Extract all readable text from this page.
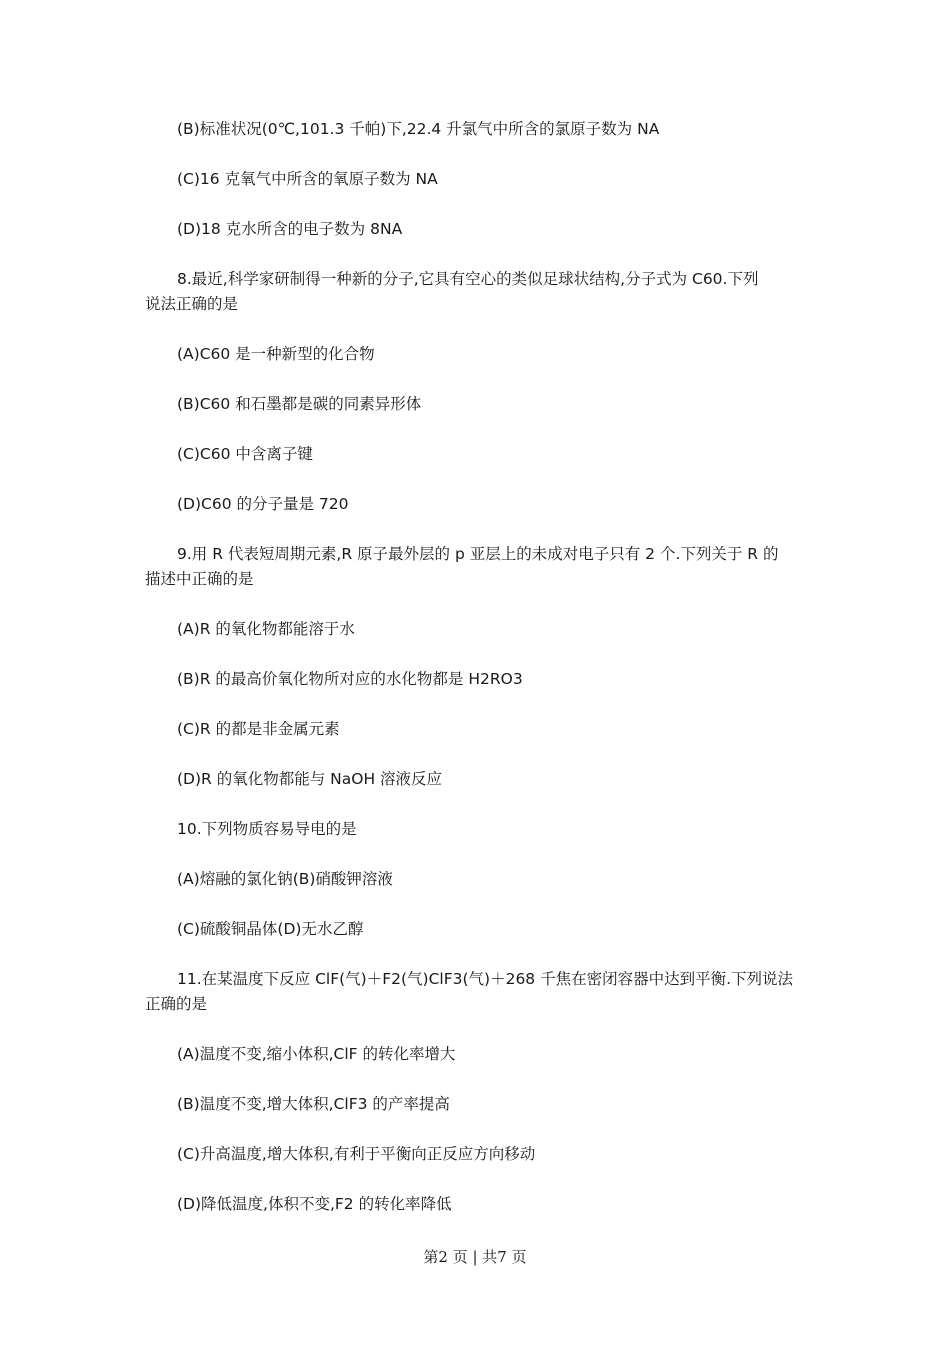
(B)标准状况(0℃,101.3 千帕)下,22.4 升氯气中所含的氯原子数为 NA
(C)16 克氧气中所含的氧原子数为 NA
(D)18 克水所含的电子数为 8NA
8.最近,科学家研制得一种新的分子,它具有空心的类似足球状结构,分子式为 C60.下列
说法正确的是
(A)C60 是一种新型的化合物
(B)C60 和石墨都是碳的同素异形体
(C)C60 中含离子键
(D)C60 的分子量是 720
9.用 R 代表短周期元素,R 原子最外层的 p 亚层上的未成对电子只有 2 个.下列关于 R 的
描述中正确的是
(A)R 的氧化物都能溶于水
(B)R 的最高价氧化物所对应的水化物都是 H2RO3
(C)R 的都是非金属元素
(D)R 的氧化物都能与 NaOH 溶液反应
10.下列物质容易导电的是
(A)熔融的氯化钠(B)硝酸钾溶液
(C)硫酸铜晶体(D)无水乙醇
11.在某温度下反应 ClF(气)＋F2(气)ClF3(气)＋268 千焦在密闭容器中达到平衡.下列说法
正确的是
(A)温度不变,缩小体积,ClF 的转化率增大
(B)温度不变,增大体积,ClF3 的产率提高
(C)升高温度,增大体积,有利于平衡向正反应方向移动
(D)降低温度,体积不变,F2 的转化率降低
第2 页 | 共7 页
